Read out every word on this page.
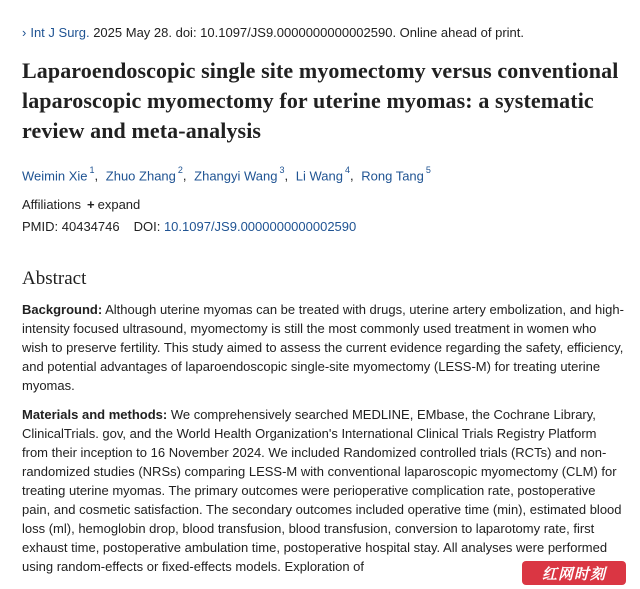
› Int J Surg. 2025 May 28. doi: 10.1097/JS9.0000000000002590. Online ahead of print.
Laparoendoscopic single site myomectomy versus conventional laparoscopic myomectomy for uterine myomas: a systematic review and meta-analysis
Weimin Xie $^1$, Zhuo Zhang $^2$, Zhangyi Wang $^3$, Li Wang $^4$, Rong Tang $^5$
Affiliations + expand
PMID: 40434746 DOI: 10.1097/JS9.0000000000002590
Abstract

Background: Although uterine myomas can be treated with drugs, uterine artery embolization, and high-intensity focused ultrasound, myomectomy is still the most commonly used treatment in women who wish to preserve fertility. This study aimed to assess the current evidence regarding the safety, efficiency, and potential advantages of laparoendoscopic single-site myomectomy (LESS-M) for treating uterine myomas.

Materials and methods: We comprehensively searched MEDLINE, EMbase, the Cochrane Library, ClinicalTrials. gov, and the World Health Organization's International Clinical Trials Registry Platform from their inception to 16 November 2024. We included Randomized controlled trials (RCTs) and non-randomized studies (NRSs) comparing LESS-M with conventional laparoscopic myomectomy (CLM) for treating uterine myomas. The primary outcomes were perioperative complication rate, postoperative pain, and cosmetic satisfaction. The secondary outcomes included operative time (min), estimated blood loss (ml), hemoglobin drop, blood transfusion, blood transfusion, conversion to laparotomy rate, first exhaust time, postoperative ambulation time, postoperative hospital stay. All analyses were performed using random-effects or fixed-effects models. Exploration of	红网时刻
